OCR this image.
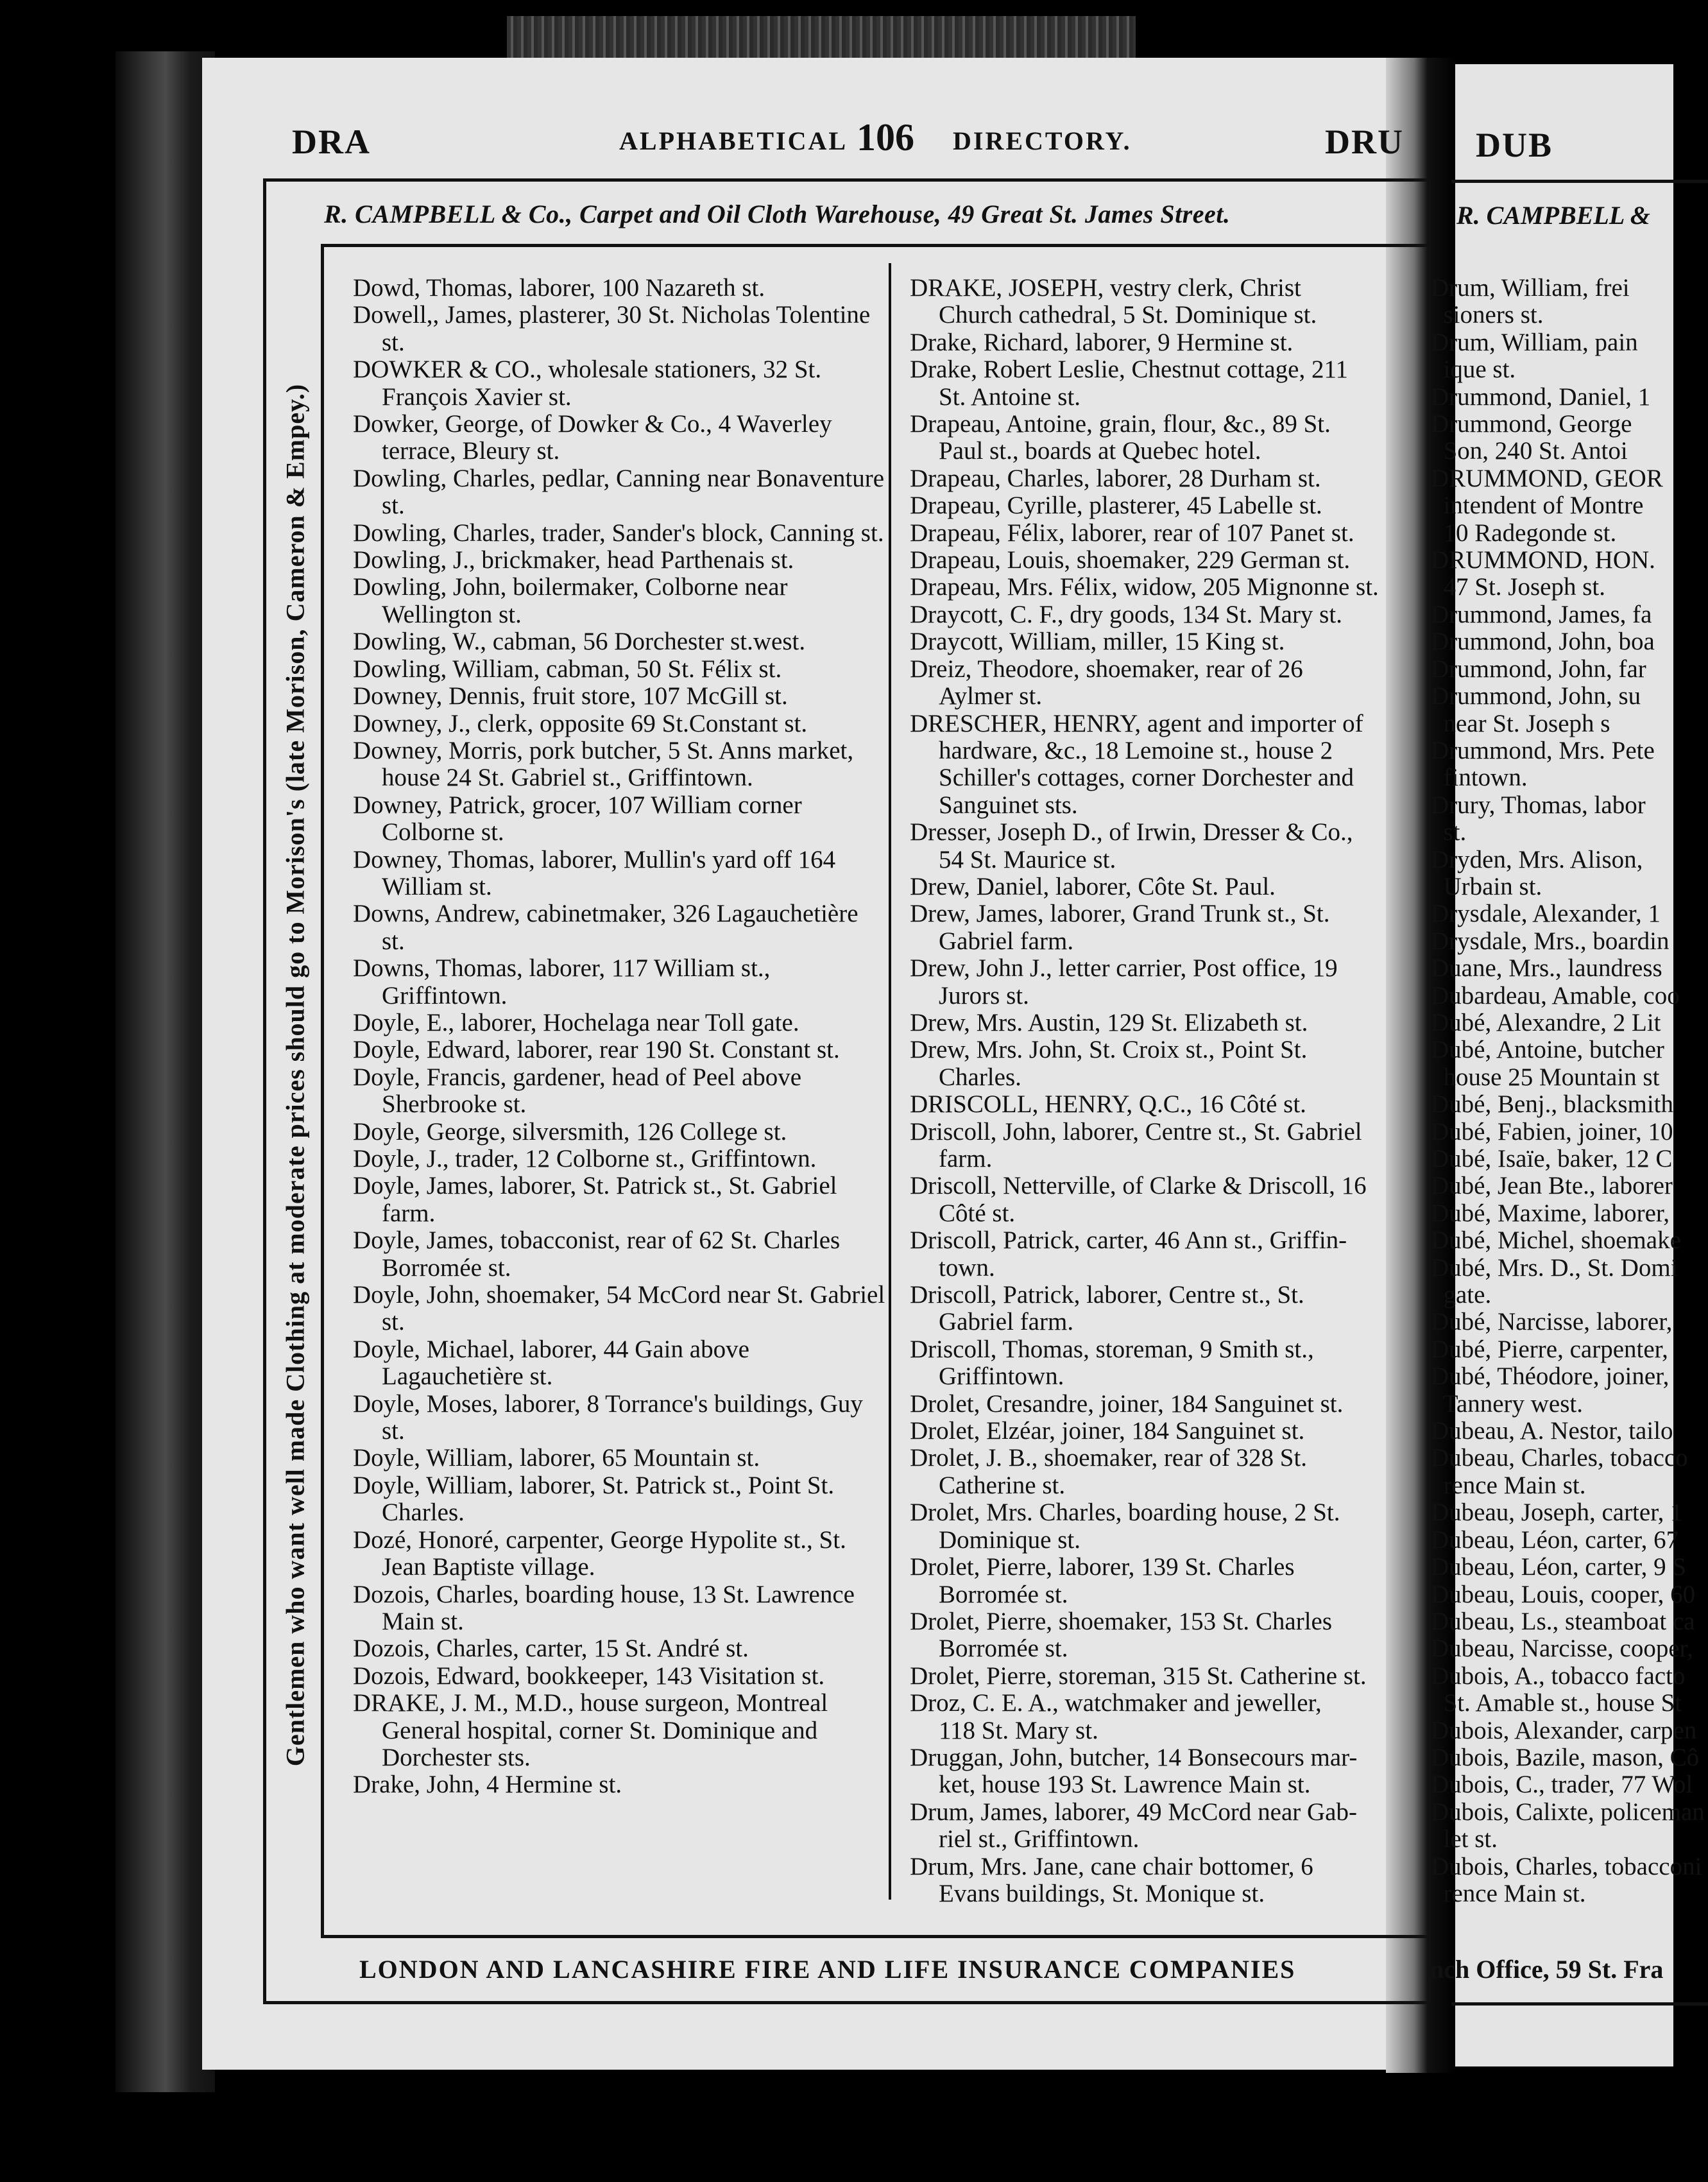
DRA	ALPHABETICAL 106 DIRECTORY.	DRU
R. CAMPBELL & Co., Carpet and Oil Cloth Warehouse, 49 Great St. James Street.
Gentlemen who want well made Clothing at moderate prices should go to Morison's (late Morison, Cameron & Empey.)

Dowd, Thomas, laborer, 100 Nazareth st.

Dowell,, James, plasterer, 30 St. Nicholas Tolentine st.

DOWKER & CO., wholesale stationers, 32 St. François Xavier st.

Dowker, George, of Dowker & Co., 4 Waverley terrace, Bleury st.

Dowling, Charles, pedlar, Canning near Bonaventure st.

Dowling, Charles, trader, Sander's block, Canning st.

Dowling, J., brickmaker, head Parthenais st.

Dowling, John, boilermaker, Colborne near Wellington st.

Dowling, W., cabman, 56 Dorchester st.west.

Dowling, William, cabman, 50 St. Félix st.

Downey, Dennis, fruit store, 107 McGill st.

Downey, J., clerk, opposite 69 St.Constant st.

Downey, Morris, pork butcher, 5 St. Anns market, house 24 St. Gabriel st., Griffintown.

Downey, Patrick, grocer, 107 William corner Colborne st.

Downey, Thomas, laborer, Mullin's yard off 164 William st.

Downs, Andrew, cabinetmaker, 326 Lagauchetière st.

Downs, Thomas, laborer, 117 William st., Griffintown.

Doyle, E., laborer, Hochelaga near Toll gate.

Doyle, Edward, laborer, rear 190 St. Constant st.

Doyle, Francis, gardener, head of Peel above Sherbrooke st.

Doyle, George, silversmith, 126 College st.

Doyle, J., trader, 12 Colborne st., Griffintown.

Doyle, James, laborer, St. Patrick st., St. Gabriel farm.

Doyle, James, tobacconist, rear of 62 St. Charles Borromée st.

Doyle, John, shoemaker, 54 McCord near St. Gabriel st.

Doyle, Michael, laborer, 44 Gain above Lagauchetière st.

Doyle, Moses, laborer, 8 Torrance's buildings, Guy st.

Doyle, William, laborer, 65 Mountain st.

Doyle, William, laborer, St. Patrick st., Point St. Charles.

Dozé, Honoré, carpenter, George Hypolite st., St. Jean Baptiste village.

Dozois, Charles, boarding house, 13 St. Lawrence Main st.

Dozois, Charles, carter, 15 St. André st.

Dozois, Edward, bookkeeper, 143 Visitation st.

DRAKE, J. M., M.D., house surgeon, Montreal General hospital, corner St. Dominique and Dorchester sts.

Drake, John, 4 Hermine st.

DRAKE, JOSEPH, vestry clerk, Christ
Church cathedral, 5 St. Dominique st.

Drake, Richard, laborer, 9 Hermine st.

Drake, Robert Leslie, Chestnut cottage, 211
St. Antoine st.

Drapeau, Antoine, grain, flour, &c., 89 St.
Paul st., boards at Quebec hotel.

Drapeau, Charles, laborer, 28 Durham st.

Drapeau, Cyrille, plasterer, 45 Labelle st.

Drapeau, Félix, laborer, rear of 107 Panet st.

Drapeau, Louis, shoemaker, 229 German st.

Drapeau, Mrs. Félix, widow, 205 Mignonne st.

Draycott, C. F., dry goods, 134 St. Mary st.

Draycott, William, miller, 15 King st.

Dreiz, Theodore, shoemaker, rear of 26
Aylmer st.

DRESCHER, HENRY, agent and importer of
hardware, &c., 18 Lemoine st., house 2
Schiller's cottages, corner Dorchester and
Sanguinet sts.

Dresser, Joseph D., of Irwin, Dresser & Co.,
54 St. Maurice st.

Drew, Daniel, laborer, Côte St. Paul.

Drew, James, laborer, Grand Trunk st., St.
Gabriel farm.

Drew, John J., letter carrier, Post office, 19
Jurors st.

Drew, Mrs. Austin, 129 St. Elizabeth st.

Drew, Mrs. John, St. Croix st., Point St.
Charles.

DRISCOLL, HENRY, Q.C., 16 Côté st.

Driscoll, John, laborer, Centre st., St. Gabriel
farm.

Driscoll, Netterville, of Clarke & Driscoll, 16
Côté st.

Driscoll, Patrick, carter, 46 Ann st., Griffin-
town.

Driscoll, Patrick, laborer, Centre st., St.
Gabriel farm.

Driscoll, Thomas, storeman, 9 Smith st.,
Griffintown.

Drolet, Cresandre, joiner, 184 Sanguinet st.

Drolet, Elzéar, joiner, 184 Sanguinet st.

Drolet, J. B., shoemaker, rear of 328 St.
Catherine st.

Drolet, Mrs. Charles, boarding house, 2 St.
Dominique st.

Drolet, Pierre, laborer, 139 St. Charles
Borromée st.

Drolet, Pierre, shoemaker, 153 St. Charles
Borromée st.

Drolet, Pierre, storeman, 315 St. Catherine st.

Droz, C. E. A., watchmaker and jeweller,
118 St. Mary st.

Druggan, John, butcher, 14 Bonsecours mar-
ket, house 193 St. Lawrence Main st.

Drum, James, laborer, 49 McCord near Gab-
riel st., Griffintown.

Drum, Mrs. Jane, cane chair bottomer, 6
Evans buildings, St. Monique st.

LONDON AND LANCASHIRE FIRE AND LIFE INSURANCE COMPANIES
DUB
R. CAMPBELL &
Drum, William, frei
sioners st.
Drum, William, pain
ique st.
Drummond, Daniel, 1
Drummond, George
Son, 240 St. Antoi
DRUMMOND, GEOR
intendent of Montre
10 Radegonde st.
DRUMMOND, HON.
47 St. Joseph st.
Drummond, James, fa
Drummond, John, boa
Drummond, John, far
Drummond, John, su
near St. Joseph s
Drummond, Mrs. Pete
fintown.
Drury, Thomas, labor
st.
Dryden, Mrs. Alison,
Urbain st.
Drysdale, Alexander, 1
Drysdale, Mrs., boardin
Duane, Mrs., laundress
Dubardeau, Amable, coo
Dubé, Alexandre, 2 Lit
Dubé, Antoine, butcher
house 25 Mountain st
Dubé, Benj., blacksmith
Dubé, Fabien, joiner, 10
Dubé, Isaïe, baker, 12 C
Dubé, Jean Bte., laborer
Dubé, Maxime, laborer,
Dubé, Michel, shoemake
Dubé, Mrs. D., St. Domi
gate.
Dubé, Narcisse, laborer,
Dubé, Pierre, carpenter,
Dubé, Théodore, joiner,
Tannery west.
Dubeau, A. Nestor, tailo
Dubeau, Charles, tobacco
rence Main st.
Dubeau, Joseph, carter, 1
Dubeau, Léon, carter, 67
Dubeau, Léon, carter, 9 S
Dubeau, Louis, cooper, 60
Dubeau, Ls., steamboat ca
Dubeau, Narcisse, cooper,
Dubois, A., tobacco facto
St. Amable st., house St
Dubois, Alexander, carpen
Dubois, Bazile, mason, Cô
Dubois, C., trader, 77 Wol
Dubois, Calixte, policeman
let st.
Dubois, Charles, tobacconi
rence Main st.
nch Office, 59 St. Fra
